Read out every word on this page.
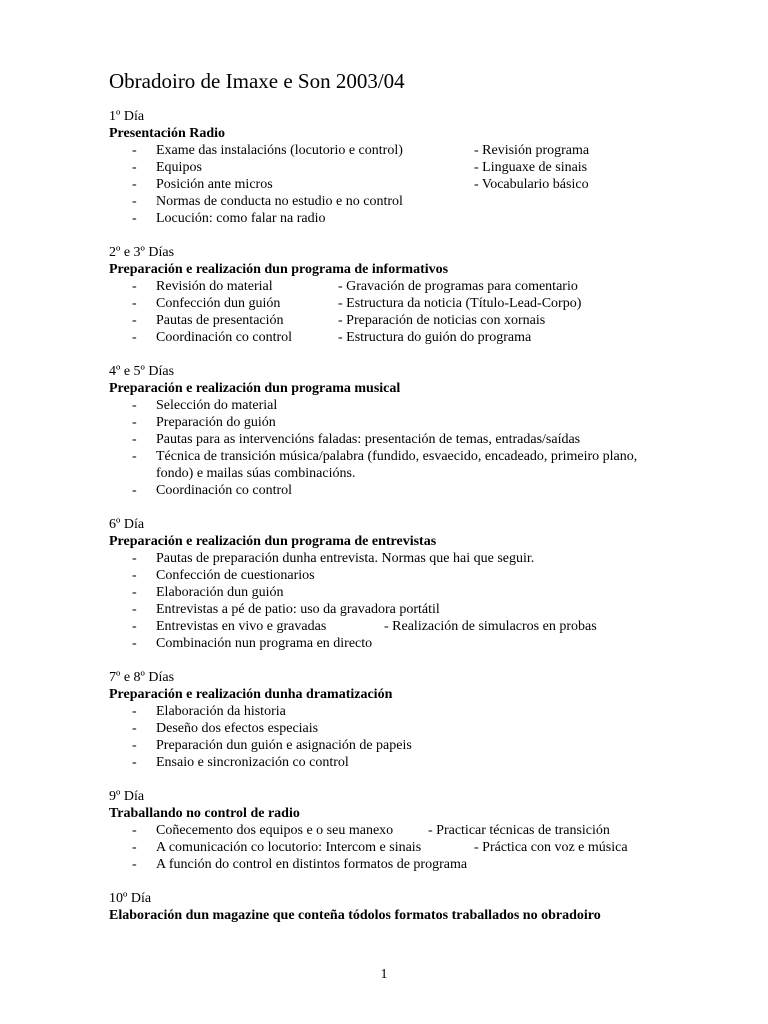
Obradoiro de Imaxe e Son 2003/04
1º Día
Presentación Radio
- Exame das instalacións (locutorio e control)	- Revisión programa
- Equipos	- Linguaxe de sinais
- Posición ante micros	- Vocabulario básico
- Normas de conducta no estudio e no control
- Locución: como falar na radio
2º e 3º Días
Preparación e realización dun programa de informativos
- Revisión do material	- Gravación de programas para comentario
- Confección dun guión	- Estructura da noticia (Título-Lead-Corpo)
- Pautas de presentación	- Preparación de noticias con xornais
- Coordinación co control	- Estructura do guión do programa
4º e 5º Días
Preparación e realización dun programa musical
- Selección do material
- Preparación do guión
- Pautas para as intervencións faladas: presentación de temas, entradas/saídas
- Técnica de transición música/palabra (fundido, esvaecido, encadeado, primeiro plano, fondo) e mailas súas combinacións.
- Coordinación co control
6º Día
Preparación e realización dun programa de entrevistas
- Pautas de preparación dunha entrevista. Normas que hai que seguir.
- Confección de cuestionarios
- Elaboración dun guión
- Entrevistas a pé de patio: uso da gravadora portátil
- Entrevistas en vivo e gravadas	- Realización de simulacros en probas
- Combinación nun programa en directo
7º e 8º Días
Preparación e realización dunha dramatización
- Elaboración da historia
- Deseño dos efectos especiais
- Preparación dun guión e asignación de papeis
- Ensaio e sincronización co control
9º Día
Traballando no control de radio
- Coñecemento dos equipos e o seu manexo - Practicar técnicas de transición
- A comunicación co locutorio: Intercom e sinais	- Práctica con voz e música
- A función do control en distintos formatos de programa
10º Día
Elaboración dun magazine que conteña tódolos formatos traballados no obradoiro
1
